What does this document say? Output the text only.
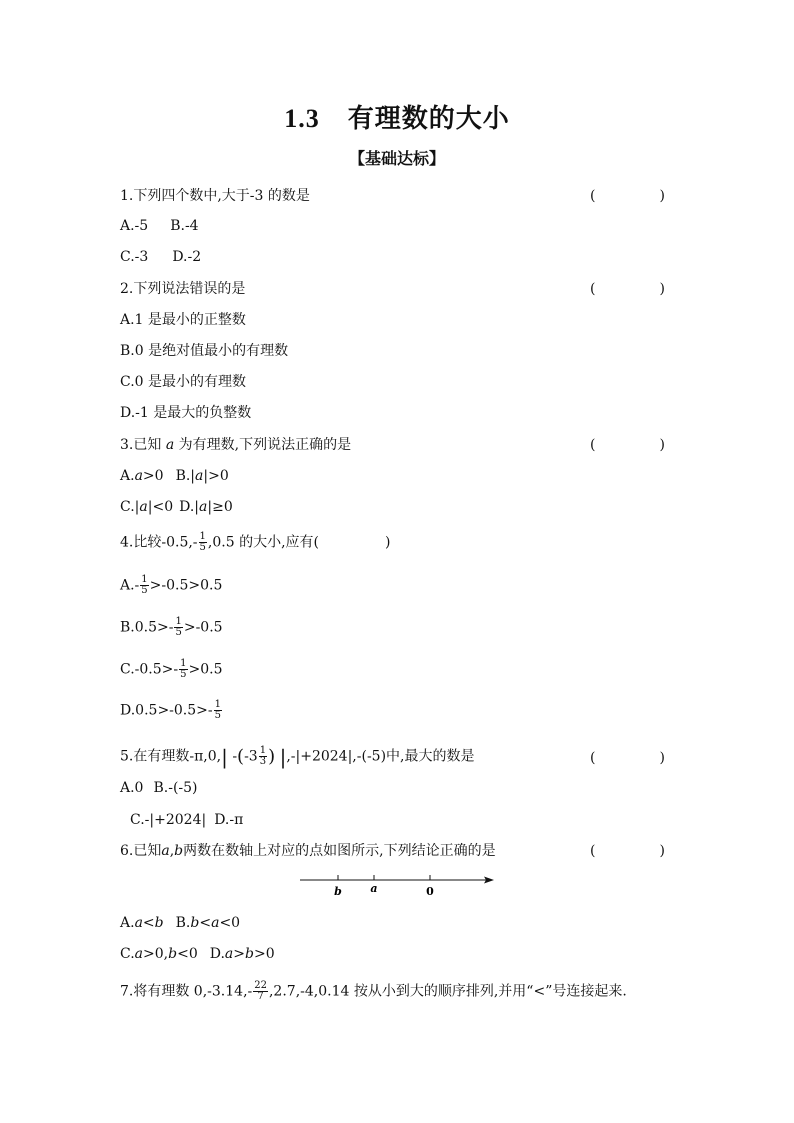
1.3 有理数的大小
【基础达标】
1.下列四个数中,大于-3 的数是	(	)
A.-5 B.-4
C.-3 D.-2
2.下列说法错误的是	(	)
A.1 是最小的正整数
B.0 是绝对值最小的有理数
C.0 是最小的有理数
D.-1 是最大的负整数
3.已知 a 为有理数,下列说法正确的是	(	)
A.a>0 B.|a|>0
C.|a|<0 D.|a|≥0
4.比较$-0.5,- \frac{1}{5} ,0.5$ 的大小,应有(	)
$A.- \frac{1}{5} >-0.5>0.5$
$B.0.5>- \frac{1}{5} >-0.5$
$C.-0.5>- \frac{1}{5} >0.5$
$D.0.5>-0.5>- \frac{1}{5}$
5.在有理数-π,0,| $-(-3 \frac{1}{3}$ ) |,-|+2024|,-(-5)中,最大的数是	(	)
A.0 B.-(-5)
C.-|+2024| D.-π
6.已知a,b两数在数轴上对应的点如图所示,下列结论正确的是	(	)
b	a	0
A.a<b B.b<a<0
C.a>0,b<0 D.a>b>0
7.将有理数 $0,-3.14,- \frac{22}{7} ,2.7,-4,0.14$ 按从小到大的顺序排列,并用“<”号连接起来.
